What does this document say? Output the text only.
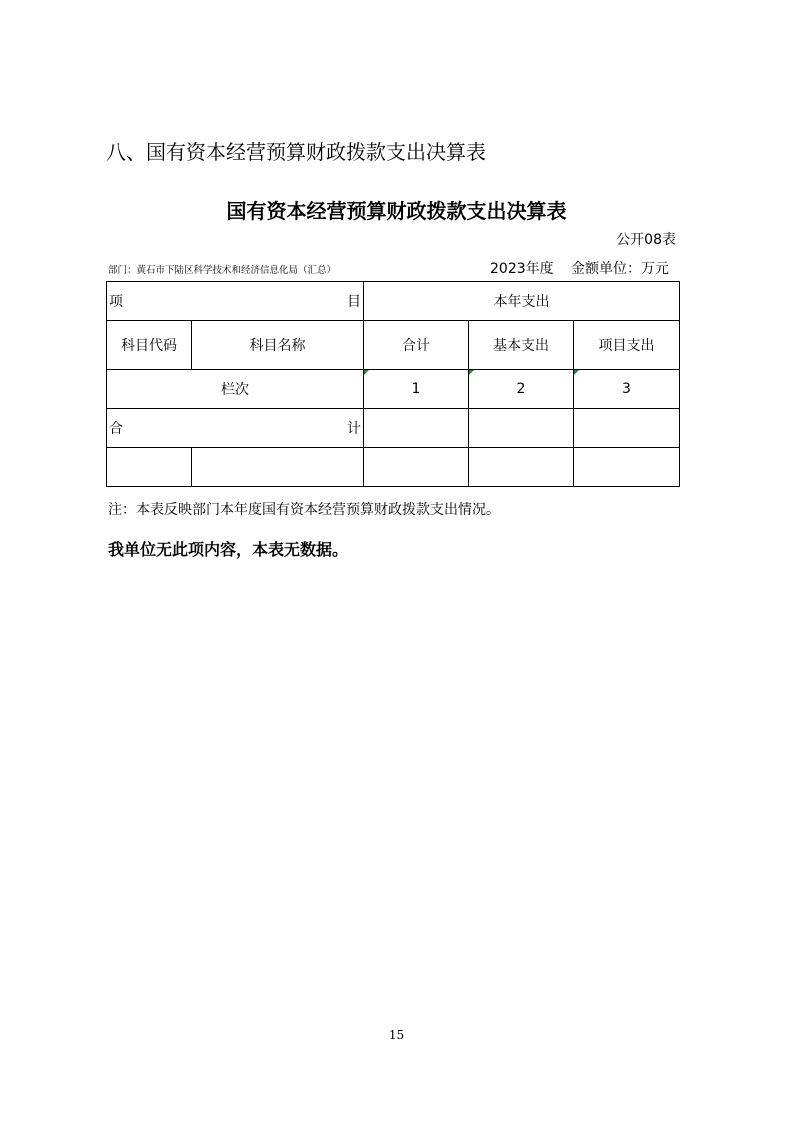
八、国有资本经营预算财政拨款支出决算表
国有资本经营预算财政拨款支出决算表
公开08表
部门：黄石市下陆区科学技术和经济信息化局（汇总）	2023年度 金额单位：万元
项 目		本年支出		
科目代码	科目名称	合计	基本支出	项目支出
栏次		1	2	3

合 计				

注：本表反映部门本年度国有资本经营预算财政拨款支出情况。
我单位无此项内容，本表无数据。
15
